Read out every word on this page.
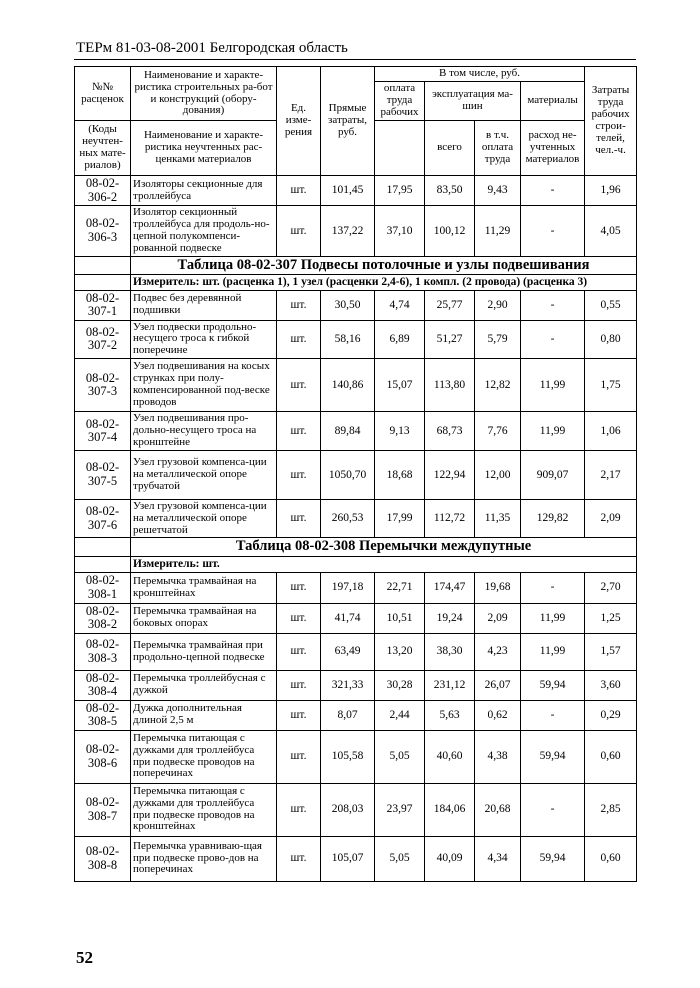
ТЕРм 81-03-08-2001 Белгородская область
№№ расценок	Наименование и характе-ристика строительных ра-бот и конструкций (обору-дования)	Ед. изме-рения	Прямые затраты, руб.	В том числе, руб.				Затраты труда рабочих строи-телей, чел.-ч.
				оплата труда рабочих	эксплуатация ма-шин		материалы	

(Коды неучтен-ных мате-риалов)	Наименование и характе-ристика неучтенных рас-ценками материалов				всего	в т.ч. оплата труда	расход не-учтенных материалов	

08-02-306-2	Изоляторы секционные для троллейбуса	шт.	101,45	17,95	83,50	9,43	-	1,96
08-02-306-3	Изолятор секционный троллейбуса для продоль-но-цепной полукомпенси-рованной подвеске	шт.	137,22	37,10	100,12	11,29	-	4,05
	Таблица 08-02-307 Подвесы потолочные и узлы подвешивания							
	Измеритель: шт. (расценка 1), 1 узел (расценки 2,4-6), 1 компл. (2 провода) (расценка 3)							
08-02-307-1	Подвес без деревянной подшивки	шт.	30,50	4,74	25,77	2,90	-	0,55
08-02-307-2	Узел подвески продольно-несущего троса к гибкой поперечине	шт.	58,16	6,89	51,27	5,79	-	0,80
08-02-307-3	Узел подвешивания на косых струнках при полу-компенсированной под-веске проводов	шт.	140,86	15,07	113,80	12,82	11,99	1,75
08-02-307-4	Узел подвешивания про-дольно-несущего троса на кронштейне	шт.	89,84	9,13	68,73	7,76	11,99	1,06
08-02-307-5	Узел грузовой компенса-ции на металлической опоре трубчатой	шт.	1050,70	18,68	122,94	12,00	909,07	2,17
08-02-307-6	Узел грузовой компенса-ции на металлической опоре решетчатой	шт.	260,53	17,99	112,72	11,35	129,82	2,09
	Таблица 08-02-308 Перемычки междупутные							
	Измеритель: шт.							
08-02-308-1	Перемычка трамвайная на кронштейнах	шт.	197,18	22,71	174,47	19,68	-	2,70
08-02-308-2	Перемычка трамвайная на боковых опорах	шт.	41,74	10,51	19,24	2,09	11,99	1,25
08-02-308-3	Перемычка трамвайная при продольно-цепной подвеске	шт.	63,49	13,20	38,30	4,23	11,99	1,57
08-02-308-4	Перемычка троллейбусная с дужкой	шт.	321,33	30,28	231,12	26,07	59,94	3,60
08-02-308-5	Дужка дополнительная длиной 2,5 м	шт.	8,07	2,44	5,63	0,62	-	0,29
08-02-308-6	Перемычка питающая с дужками для троллейбуса при подвеске проводов на поперечинах	шт.	105,58	5,05	40,60	4,38	59,94	0,60
08-02-308-7	Перемычка питающая с дужками для троллейбуса при подвеске проводов на кронштейнах	шт.	208,03	23,97	184,06	20,68	-	2,85
08-02-308-8	Перемычка уравниваю-щая при подвеске прово-дов на поперечинах	шт.	105,07	5,05	40,09	4,34	59,94	0,60
52
